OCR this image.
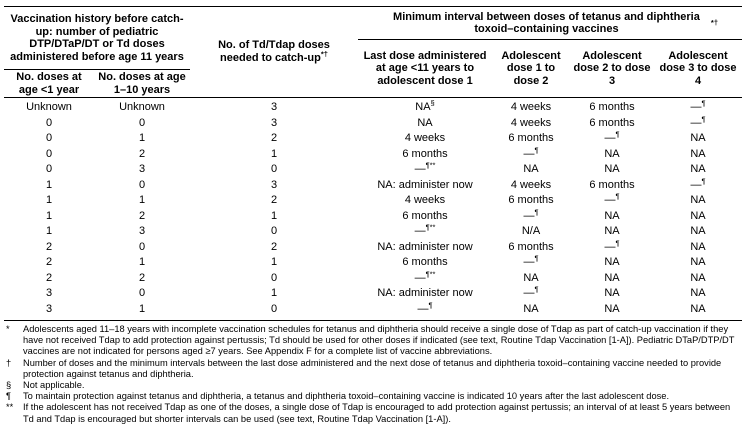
Vaccination history before catch-up: number of pediatric DTP/DTaP/DT or Td doses administered before age 11 years
No. doses at age <1 year
No. doses at age 1–10 years
No. of Td/Tdap doses needed to catch-up*†
Minimum interval between doses of tetanus and diphtheria toxoid–containing vaccines
*†
Last dose administered at age <11 years to adolescent dose 1
Adolescent dose 1 to dose 2
Adolescent dose 2 to dose 3
Adolescent dose 3 to dose 4
Unknown	Unknown	3	NA§	4 weeks	6 months	—¶
0	0	3	NA	4 weeks	6 months	—¶
0	1	2	4 weeks	6 months	—¶	NA
0	2	1	6 months	—¶	NA	NA
0	3	0	—¶**	NA	NA	NA
1	0	3	NA: administer now	4 weeks	6 months	—¶
1	1	2	4 weeks	6 months	—¶	NA
1	2	1	6 months	—¶	NA	NA
1	3	0	—¶**	N/A	NA	NA
2	0	2	NA: administer now	6 months	—¶	NA
2	1	1	6 months	—¶	NA	NA
2	2	0	—¶**	NA	NA	NA
3	0	1	NA: administer now	—¶	NA	NA
3	1	0	—¶	NA	NA	NA
*	Adolescents aged 11–18 years with incomplete vaccination schedules for tetanus and diphtheria should receive a single dose of Tdap as part of catch-up vaccination if they have not received Tdap to add protection against pertussis; Td should be used for other doses if indicated (see text, Routine Tdap Vaccination [1-A]). Pediatric DTaP/DTP/DT vaccines are not indicated for persons aged ≥7 years. See Appendix F for a complete list of vaccine abbreviations.
†	Number of doses and the minimum intervals between the last dose administered and the next dose of tetanus and diphtheria toxoid–containing vaccine needed to provide protection against tetanus and diphtheria.
§	Not applicable.
¶	To maintain protection against tetanus and diphtheria, a tetanus and diphtheria toxoid–containing vaccine is indicated 10 years after the last adolescent dose.
**	If the adolescent has not received Tdap as one of the doses, a single dose of Tdap is encouraged to add protection against pertussis; an interval of at least 5 years between Td and Tdap is encouraged but shorter intervals can be used (see text, Routine Tdap Vaccination [1-A]).
